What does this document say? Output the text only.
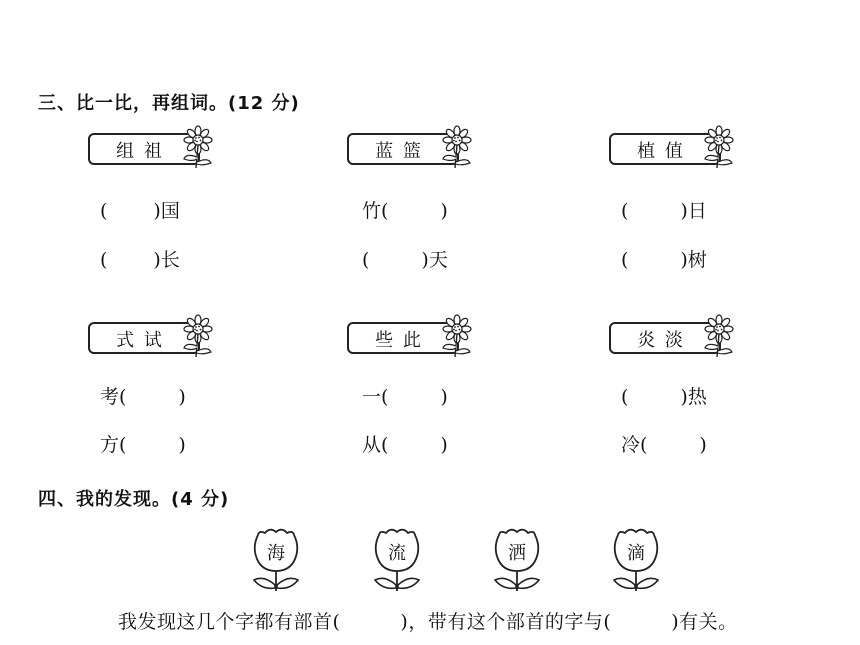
三、比一比，再组词。(12 分)
组 祖
( )国
( )长
蓝 篮
竹(	)
(	)天
植 值
(	)日
(	)树
式 试
考(	)
方(	)
些 此
一(	)
从(	)
炎 淡
(	)热
冷(	)
四、我的发现。(4 分)
海	流	洒	滴
我发现这几个字都有部首(	)，带有这个部首的字与(	)有关。
